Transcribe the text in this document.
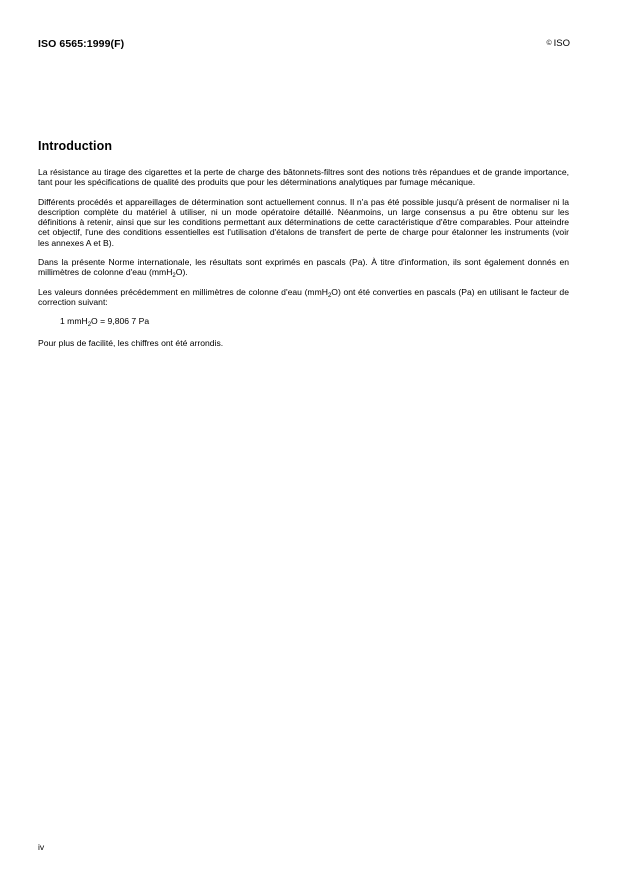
ISO 6565:1999(F)	© ISO
Introduction

La résistance au tirage des cigarettes et la perte de charge des bâtonnets-filtres sont des notions très répandues et de grande importance, tant pour les spécifications de qualité des produits que pour les déterminations analytiques par fumage mécanique.

Différents procédés et appareillages de détermination sont actuellement connus. Il n'a pas été possible jusqu'à présent de normaliser ni la description complète du matériel à utiliser, ni un mode opératoire détaillé. Néanmoins, un large consensus a pu être obtenu sur les définitions à retenir, ainsi que sur les conditions permettant aux déterminations de cette caractéristique d'être comparables. Pour atteindre cet objectif, l'une des conditions essentielles est l'utilisation d'étalons de transfert de perte de charge pour étalonner les instruments (voir les annexes A et B).

Dans la présente Norme internationale, les résultats sont exprimés en pascals (Pa). À titre d'information, ils sont également donnés en millimètres de colonne d'eau (mmH$_2$O).

Les valeurs données précédemment en millimètres de colonne d'eau (mmH$_2$O) ont été converties en pascals (Pa) en utilisant le facteur de correction suivant:

1 mmH$_2$O = 9,806 7 Pa

Pour plus de facilité, les chiffres ont été arrondis.

iv
